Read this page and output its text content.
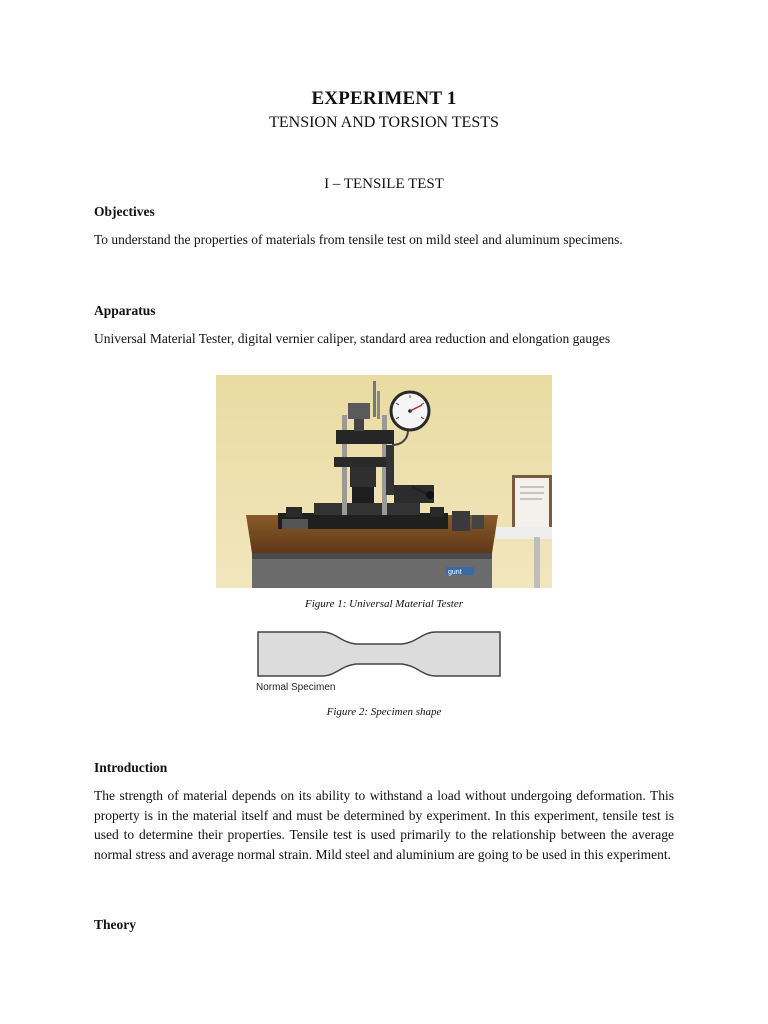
EXPERIMENT 1
TENSION AND TORSION TESTS
I – TENSILE TEST
Objectives
To understand the properties of materials from tensile test on mild steel and aluminum specimens.
Apparatus
Universal Material Tester, digital vernier caliper, standard area reduction and elongation gauges
gunt
Figure 1: Universal Material Tester
Normal Specimen
Figure 2: Specimen shape
Introduction
The strength of material depends on its ability to withstand a load without undergoing deformation. This property is in the material itself and must be determined by experiment. In this experiment, tensile test is used to determine their properties. Tensile test is used primarily to the relationship between the average normal stress and average normal strain. Mild steel and aluminium are going to be used in this experiment.
Theory
